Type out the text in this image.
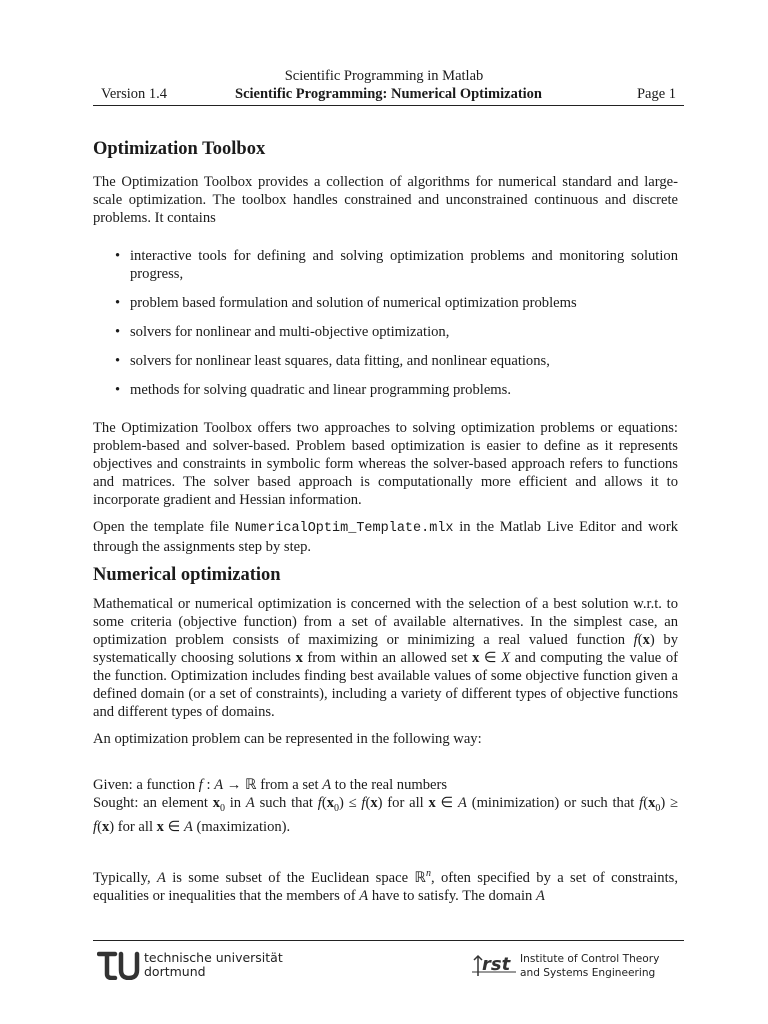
Scientific Programming in Matlab
Version 1.4	Scientific Programming: Numerical Optimization	Page 1
Optimization Toolbox

The Optimization Toolbox provides a collection of algorithms for numerical standard and large-scale optimization. The toolbox handles constrained and unconstrained continuous and discrete problems. It contains

• interactive tools for defining and solving optimization problems and monitoring solution progress,
• problem based formulation and solution of numerical optimization problems
• solvers for nonlinear and multi-objective optimization,
• solvers for nonlinear least squares, data fitting, and nonlinear equations,
• methods for solving quadratic and linear programming problems.

The Optimization Toolbox offers two approaches to solving optimization problems or equations: problem-based and solver-based. Problem based optimization is easier to define as it represents objectives and constraints in symbolic form whereas the solver-based approach refers to functions and matrices. The solver based approach is computationally more efficient and allows it to incorporate gradient and Hessian information.

Open the template file NumericalOptim_Template.mlx in the Matlab Live Editor and work through the assignments step by step.

Numerical optimization

Mathematical or numerical optimization is concerned with the selection of a best solution w.r.t. to some criteria (objective function) from a set of available alternatives. In the simplest case, an optimization problem consists of maximizing or minimizing a real valued function f(x) by systematically choosing solutions x from within an allowed set x ∈ X and computing the value of the function. Optimization includes finding best available values of some objective function given a defined domain (or a set of constraints), including a variety of different types of objective functions and different types of domains.

An optimization problem can be represented in the following way:

Given: a function f : A → ℝ from a set A to the real numbers

Sought: an element $x_0$ in A such that $f(x_0) \le f(x)$ for all x ∈ A (minimization) or such that $f(x_0) \ge f(x)$ for all x ∈ A (maximization).

Typically, A is some subset of the Euclidean space ℝ$^n$, often specified by a set of constraints, equalities or inequalities that the members of A have to satisfy. The domain A

technische universität
dortmund	rst Institute of Control Theory
and Systems Engineering
